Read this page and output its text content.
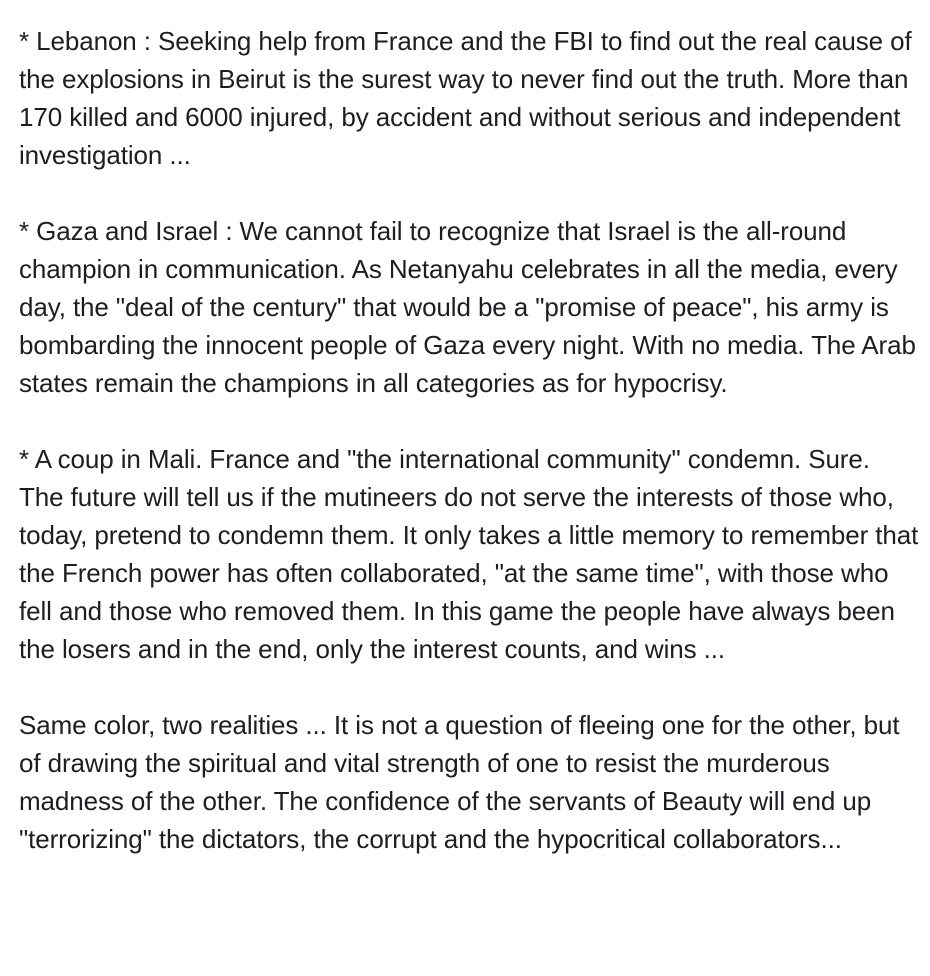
* Lebanon : Seeking help from France and the FBI to find out the real cause of the explosions in Beirut is the surest way to never find out the truth. More than 170 killed and 6000 injured, by accident and without serious and independent investigation ...

* Gaza and Israel : We cannot fail to recognize that Israel is the all-round champion in communication. As Netanyahu celebrates in all the media, every day, the "deal of the century" that would be a "promise of peace", his army is bombarding the innocent people of Gaza every night. With no media. The Arab states remain the champions in all categories as for hypocrisy.

* A coup in Mali. France and "the international community" condemn. Sure. The future will tell us if the mutineers do not serve the interests of those who, today, pretend to condemn them. It only takes a little memory to remember that the French power has often collaborated, "at the same time", with those who fell and those who removed them. In this game the people have always been the losers and in the end, only the interest counts, and wins ...

Same color, two realities ... It is not a question of fleeing one for the other, but of drawing the spiritual and vital strength of one to resist the murderous madness of the other. The confidence of the servants of Beauty will end up "terrorizing" the dictators, the corrupt and the hypocritical collaborators...
